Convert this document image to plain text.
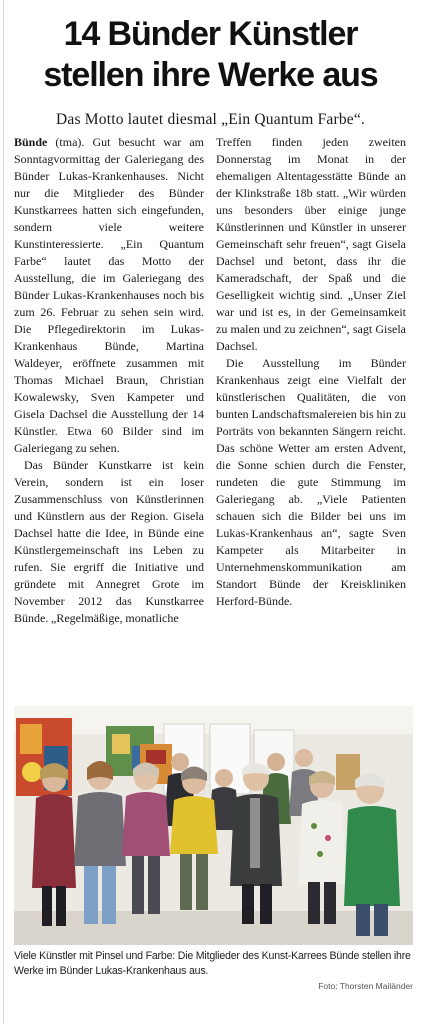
14 Bünder Künstler
stellen ihre Werke aus

Das Motto lautet diesmal „Ein Quantum Farbe“.

Bünde (tma). Gut besucht war am Sonntagvormittag der Galeriegang des Bünder Lukas-Krankenhauses. Nicht nur die Mitglieder des Bünder Kunstkarrees hatten sich eingefunden, sondern viele weitere Kunstinteressierte. „Ein Quantum Farbe“ lautet das Motto der Ausstellung, die im Galeriegang des Bünder Lukas-Krankenhauses noch bis zum 26. Februar zu sehen sein wird. Die Pflegedirektorin im Lukas-Krankenhaus Bünde, Martina Waldeyer, eröffnete zusammen mit Thomas Michael Braun, Christian Kowalewsky, Sven Kampeter und Gisela Dachsel die Ausstellung der 14 Künstler. Etwa 60 Bilder sind im Galeriegang zu sehen.

Das Bünder Kunstkarre ist kein Verein, sondern ist ein loser Zusammenschluss von Künstlerinnen und Künstlern aus der Region. Gisela Dachsel hatte die Idee, in Bünde eine Künstlergemeinschaft ins Leben zu rufen. Sie ergriff die Initiative und gründete mit Annegret Grote im November 2012 das Kunstkarree Bünde. „Regelmäßige, monatliche

Treffen finden jeden zweiten Donnerstag im Monat in der ehemaligen Altentagesstätte Bünde an der Klinkstraße 18b statt. „Wir würden uns besonders über einige junge Künstlerinnen und Künstler in unserer Gemeinschaft sehr freuen“, sagt Gisela Dachsel und betont, dass ihr die Kameradschaft, der Spaß und die Geselligkeit wichtig sind. „Unser Ziel war und ist es, in der Gemeinsamkeit zu malen und zu zeichnen“, sagt Gisela Dachsel.

Die Ausstellung im Bünder Krankenhaus zeigt eine Vielfalt der künstlerischen Qualitäten, die von bunten Landschaftsmalereien bis hin zu Porträts von bekannten Sängern reicht. Das schöne Wetter am ersten Advent, die Sonne schien durch die Fenster, rundeten die gute Stimmung im Galeriegang ab. „Viele Patienten schauen sich die Bilder bei uns im Lukas-Krankenhaus an“, sagte Sven Kampeter als Mitarbeiter in Unternehmenskommunikation am Standort Bünde der Kreiskliniken Herford-Bünde.

Viele Künstler mit Pinsel und Farbe: Die Mitglieder des Kunst-Karrees Bünde stellen ihre Werke im Bünder Lukas-Krankenhaus aus.

Foto: Thorsten Mailänder
